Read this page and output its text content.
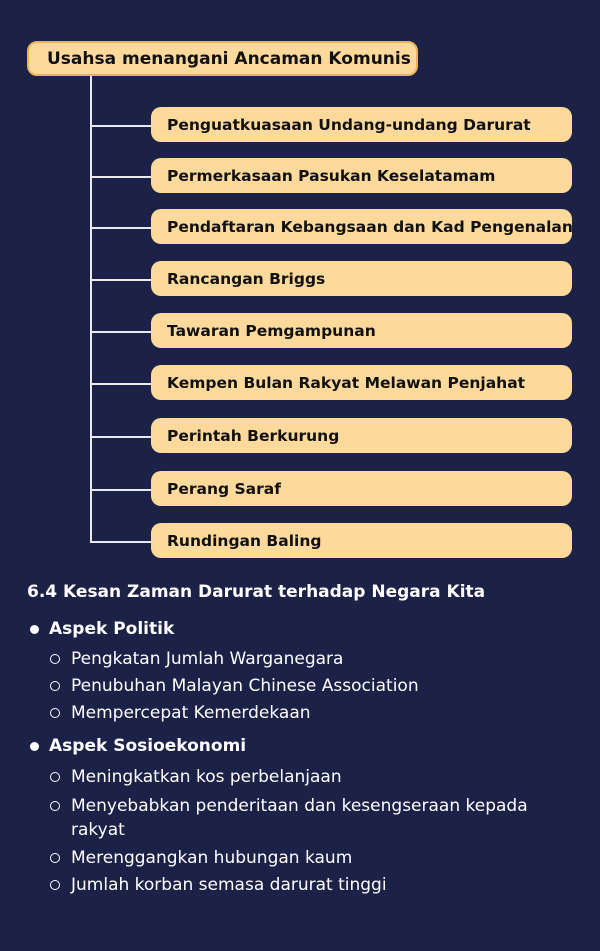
Usahsa menangani Ancaman Komunis
Penguatkuasaan Undang-undang Darurat
Permerkasaan Pasukan Keselatamam
Pendaftaran Kebangsaan dan Kad Pengenalan
Rancangan Briggs
Tawaran Pemgampunan
Kempen Bulan Rakyat Melawan Penjahat
Perintah Berkurung
Perang Saraf
Rundingan Baling
6.4 Kesan Zaman Darurat terhadap Negara Kita
Aspek Politik
Pengkatan Jumlah Warganegara
Penubuhan Malayan Chinese Association
Mempercepat Kemerdekaan
Aspek Sosioekonomi
Meningkatkan kos perbelanjaan
Menyebabkan penderitaan dan kesengseraan kepada rakyat
Merenggangkan hubungan kaum
Jumlah korban semasa darurat tinggi
